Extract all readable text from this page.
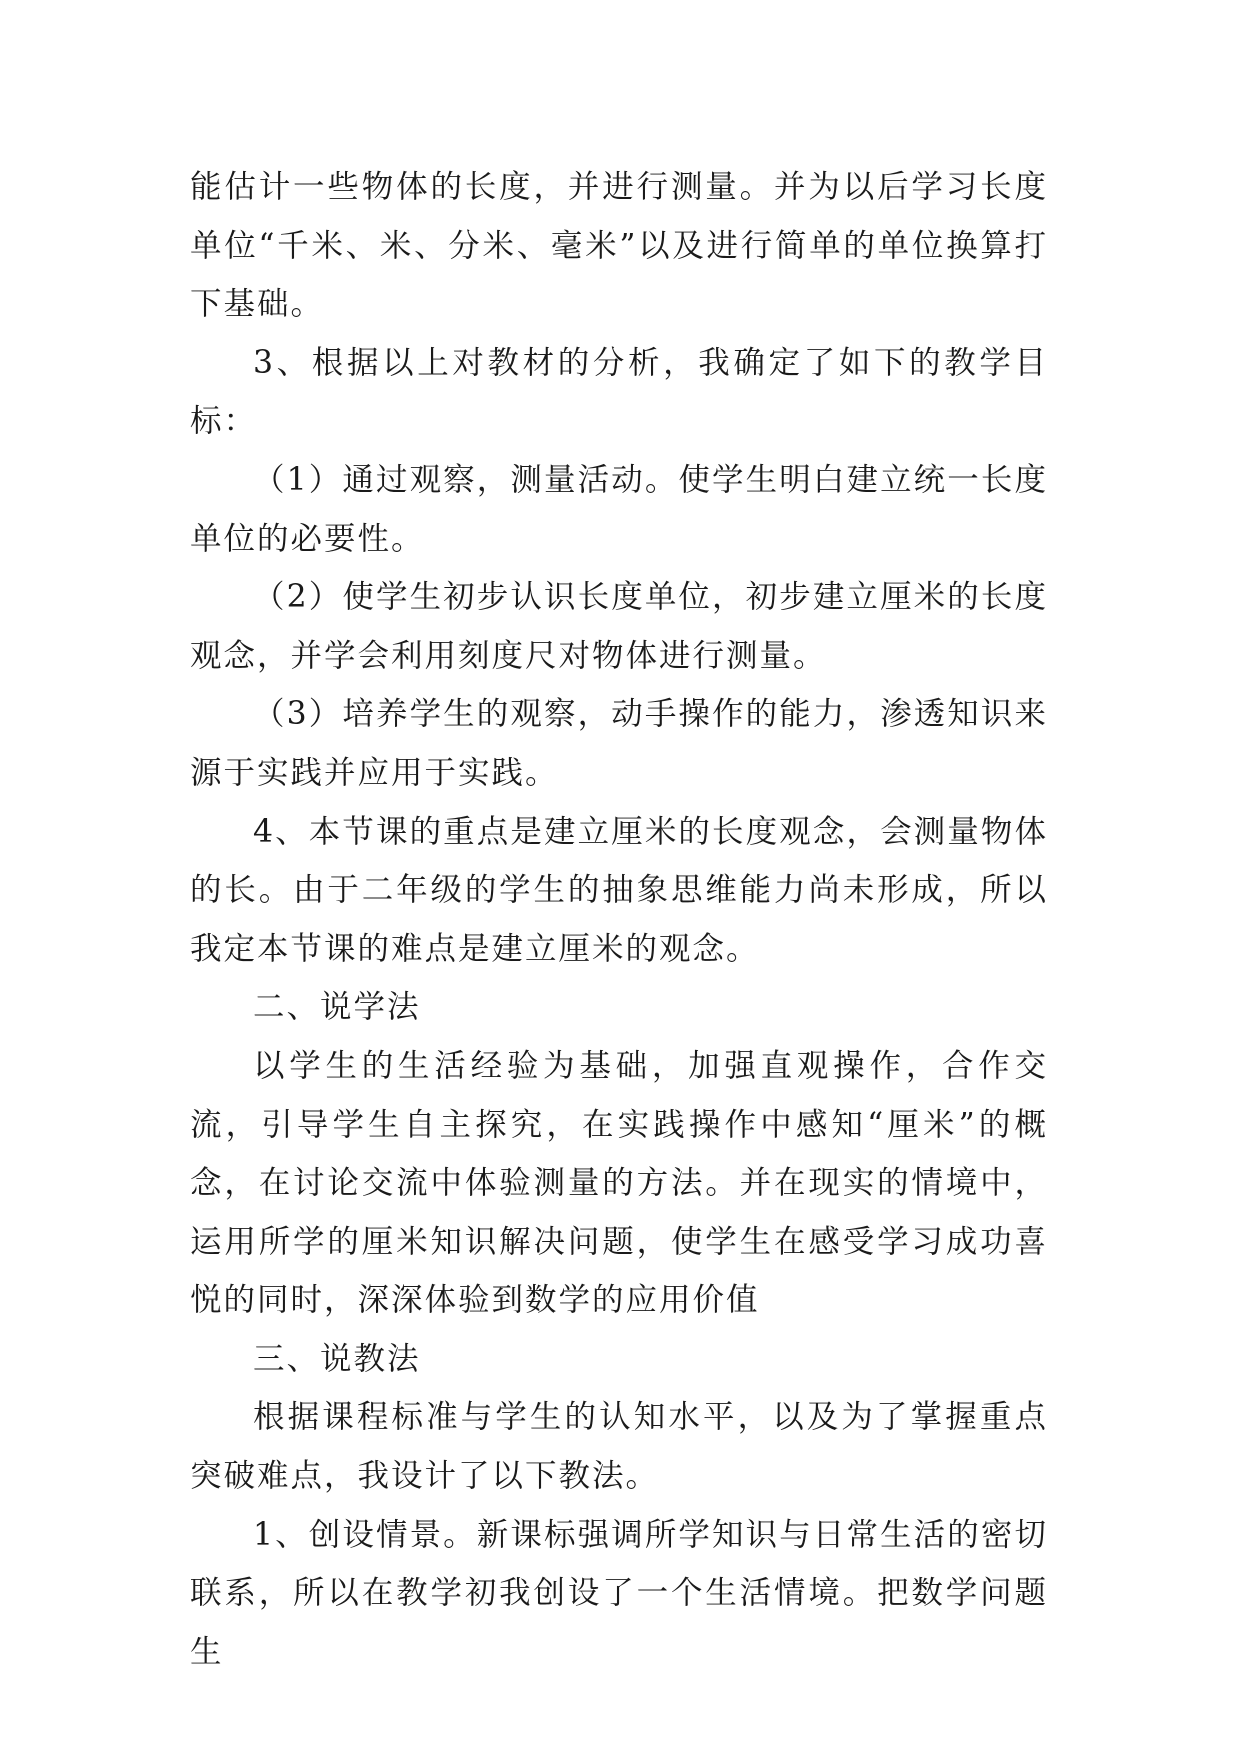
能估计一些物体的长度，并进行测量。并为以后学习长度单位“千米、米、分米、毫米”以及进行简单的单位换算打下基础。

3、根据以上对教材的分析，我确定了如下的教学目标：

（1）通过观察，测量活动。使学生明白建立统一长度单位的必要性。

（2）使学生初步认识长度单位，初步建立厘米的长度观念，并学会利用刻度尺对物体进行测量。

（3）培养学生的观察，动手操作的能力，渗透知识来源于实践并应用于实践。

4、本节课的重点是建立厘米的长度观念，会测量物体的长。由于二年级的学生的抽象思维能力尚未形成，所以我定本节课的难点是建立厘米的观念。

二、说学法

以学生的生活经验为基础，加强直观操作，合作交流，引导学生自主探究，在实践操作中感知“厘米”的概念，在讨论交流中体验测量的方法。并在现实的情境中，运用所学的厘米知识解决问题，使学生在感受学习成功喜悦的同时，深深体验到数学的应用价值

三、说教法

根据课程标准与学生的认知水平，以及为了掌握重点突破难点，我设计了以下教法。

1、创设情景。新课标强调所学知识与日常生活的密切联系，所以在教学初我创设了一个生活情境。把数学问题生
